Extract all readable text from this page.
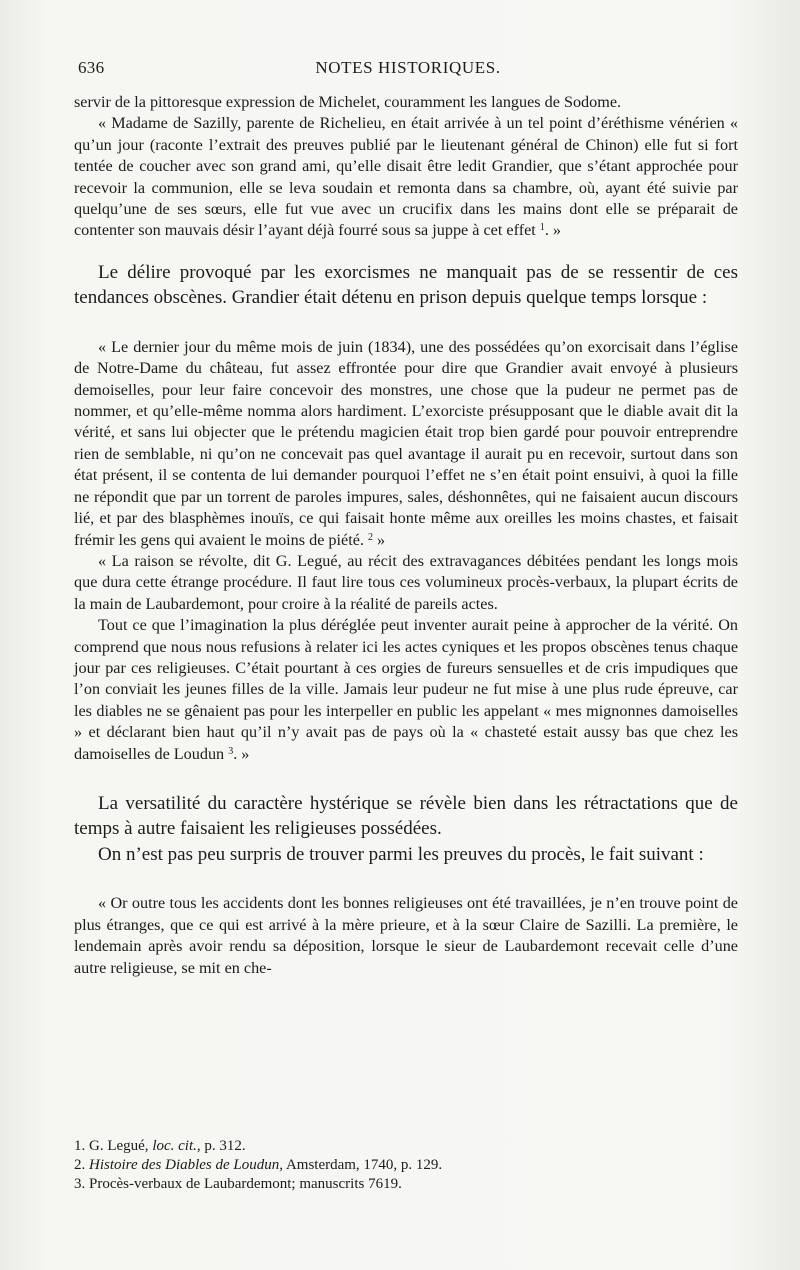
636	NOTES HISTORIQUES.

servir de la pittoresque expression de Michelet, couramment les langues de Sodome.

« Madame de Sazilly, parente de Richelieu, en était arrivée à un tel point d’éréthisme vénérien « qu’un jour (raconte l’extrait des preuves publié par le lieutenant général de Chinon) elle fut si fort tentée de coucher avec son grand ami, qu’elle disait être ledit Grandier, que s’étant approchée pour recevoir la communion, elle se leva soudain et remonta dans sa chambre, où, ayant été suivie par quelqu’une de ses sœurs, elle fut vue avec un crucifix dans les mains dont elle se préparait de contenter son mauvais désir l’ayant déjà fourré sous sa juppe à cet effet $^1$. »

Le délire provoqué par les exorcismes ne manquait pas de se ressentir de ces tendances obscènes. Grandier était détenu en prison depuis quelque temps lorsque :

« Le dernier jour du même mois de juin (1834), une des possédées qu’on exorcisait dans l’église de Notre-Dame du château, fut assez effrontée pour dire que Grandier avait envoyé à plusieurs demoiselles, pour leur faire concevoir des monstres, une chose que la pudeur ne permet pas de nommer, et qu’elle-même nomma alors hardiment. L’exorciste présupposant que le diable avait dit la vérité, et sans lui objecter que le prétendu magicien était trop bien gardé pour pouvoir entreprendre rien de semblable, ni qu’on ne concevait pas quel avantage il aurait pu en recevoir, surtout dans son état présent, il se contenta de lui demander pourquoi l’effet ne s’en était point ensuivi, à quoi la fille ne répondit que par un torrent de paroles impures, sales, déshonnêtes, qui ne faisaient aucun discours lié, et par des blasphèmes inouïs, ce qui faisait honte même aux oreilles les moins chastes, et faisait frémir les gens qui avaient le moins de piété. $^2$ »

« La raison se révolte, dit G. Legué, au récit des extravagances débitées pendant les longs mois que dura cette étrange procédure. Il faut lire tous ces volumineux procès-verbaux, la plupart écrits de la main de Laubardemont, pour croire à la réalité de pareils actes.

Tout ce que l’imagination la plus déréglée peut inventer aurait peine à approcher de la vérité. On comprend que nous nous refusions à relater ici les actes cyniques et les propos obscènes tenus chaque jour par ces religieuses. C’était pourtant à ces orgies de fureurs sensuelles et de cris impudiques que l’on conviait les jeunes filles de la ville. Jamais leur pudeur ne fut mise à une plus rude épreuve, car les diables ne se gênaient pas pour les interpeller en public les appelant « mes mignonnes damoiselles » et déclarant bien haut qu’il n’y avait pas de pays où la « chasteté estait aussy bas que chez les damoiselles de Loudun $^3$. »

La versatilité du caractère hystérique se révèle bien dans les rétractations que de temps à autre faisaient les religieuses possédées.

On n’est pas peu surpris de trouver parmi les preuves du procès, le fait suivant :

« Or outre tous les accidents dont les bonnes religieuses ont été travaillées, je n’en trouve point de plus étranges, que ce qui est arrivé à la mère prieure, et à la sœur Claire de Sazilli. La première, le lendemain après avoir rendu sa déposition, lorsque le sieur de Laubardemont recevait celle d’une autre religieuse, se mit en che-

1. G. Legué, loc. cit., p. 312.
2. Histoire des Diables de Loudun, Amsterdam, 1740, p. 129.
3. Procès-verbaux de Laubardemont; manuscrits 7619.
